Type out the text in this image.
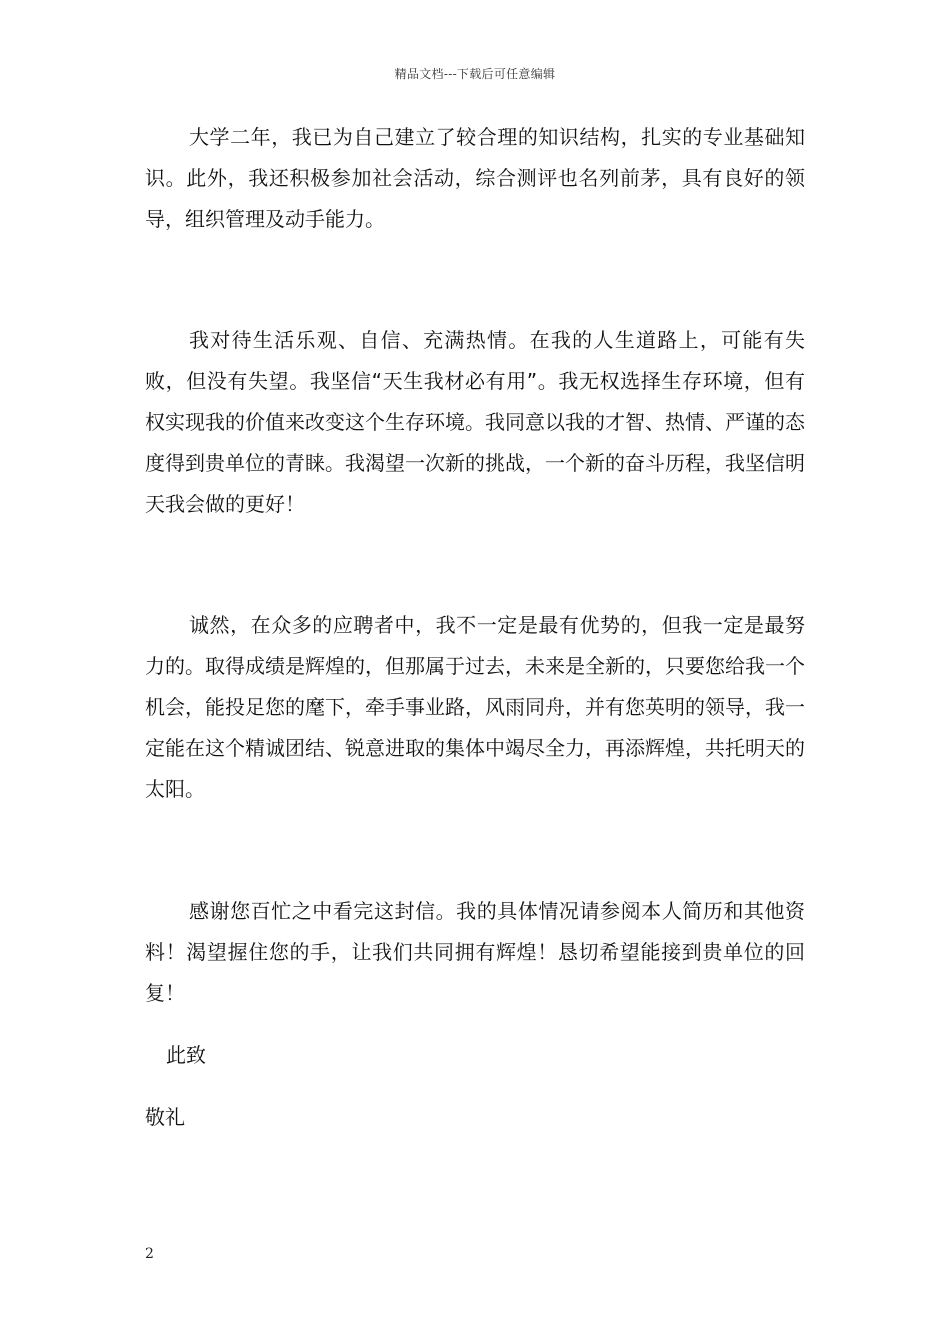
精品文档---下载后可任意编辑

大学二年，我已为自己建立了较合理的知识结构，扎实的专业基础知识。此外，我还积极参加社会活动，综合测评也名列前茅，具有良好的领导，组织管理及动手能力。

我对待生活乐观、自信、充满热情。在我的人生道路上，可能有失败，但没有失望。我坚信“天生我材必有用”。我无权选择生存环境，但有权实现我的价值来改变这个生存环境。我同意以我的才智、热情、严谨的态度得到贵单位的青睐。我渴望一次新的挑战，一个新的奋斗历程，我坚信明天我会做的更好！

诚然，在众多的应聘者中，我不一定是最有优势的，但我一定是最努力的。取得成绩是辉煌的，但那属于过去，未来是全新的，只要您给我一个机会，能投足您的麾下，牵手事业路，风雨同舟，并有您英明的领导，我一定能在这个精诚团结、锐意进取的集体中竭尽全力，再添辉煌，共托明天的太阳。

感谢您百忙之中看完这封信。我的具体情况请参阅本人简历和其他资料！渴望握住您的手，让我们共同拥有辉煌！恳切希望能接到贵单位的回复！

此致
敬礼
2
